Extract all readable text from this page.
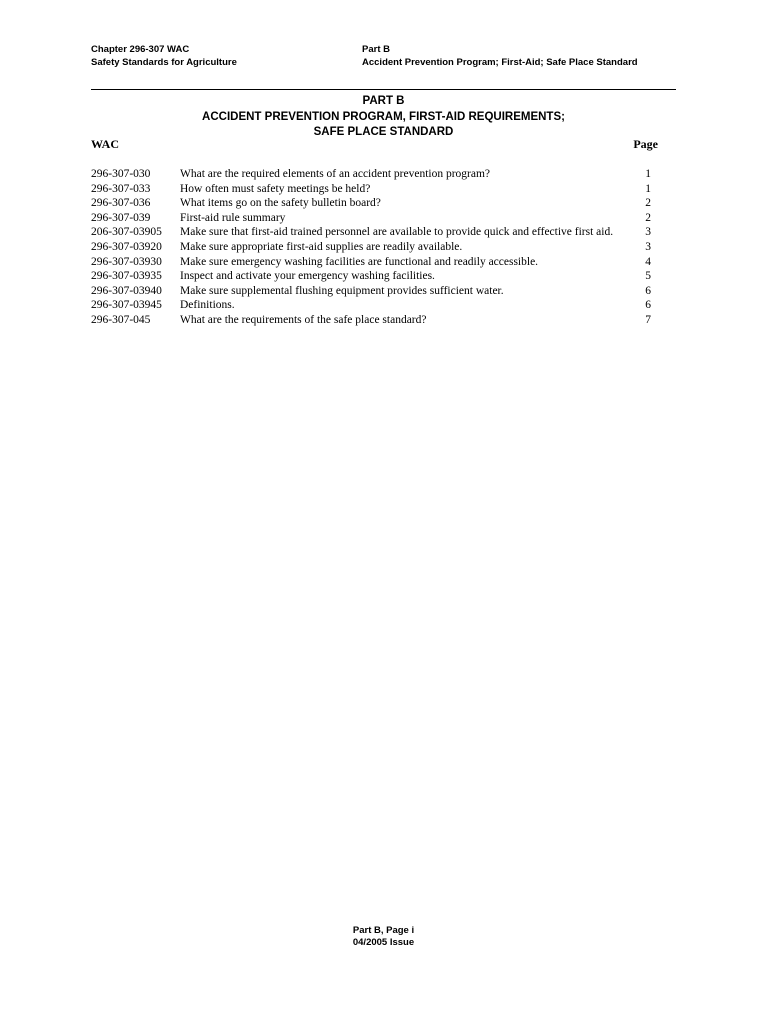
Chapter 296-307 WAC
Safety Standards for Agriculture
Part B
Accident Prevention Program; First-Aid; Safe Place Standard
PART B
ACCIDENT PREVENTION PROGRAM, FIRST-AID REQUIREMENTS;
SAFE PLACE STANDARD
WAC	Page
296-307-030	What are the required elements of an accident prevention program?	1
296-307-033	How often must safety meetings be held?	1
296-307-036	What items go on the safety bulletin board?	2
296-307-039	First-aid rule summary	2
206-307-03905	Make sure that first-aid trained personnel are available to provide quick and effective first aid.	3
296-307-03920	Make sure appropriate first-aid supplies are readily available.	3
296-307-03930	Make sure emergency washing facilities are functional and readily accessible.	4
296-307-03935	Inspect and activate your emergency washing facilities.	5
296-307-03940	Make sure supplemental flushing equipment provides sufficient water.	6
296-307-03945	Definitions.	6
296-307-045	What are the requirements of the safe place standard?	7
Part B, Page i
04/2005 Issue
